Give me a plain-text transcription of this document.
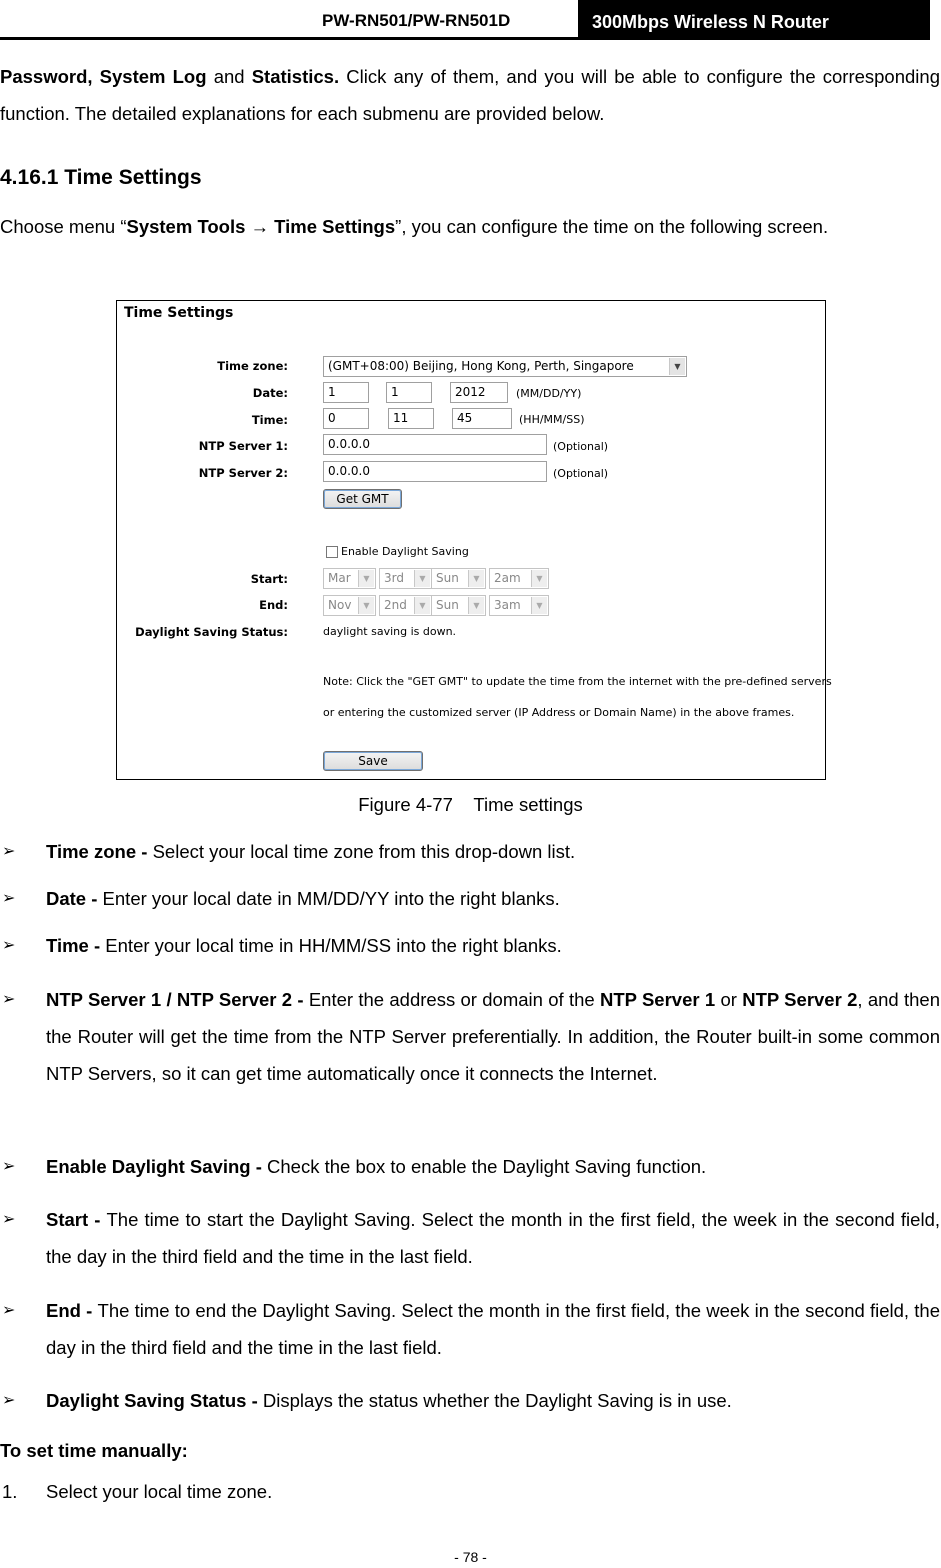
PW-RN501/PW-RN501D	300Mbps Wireless N Router
Password, System Log and Statistics. Click any of them, and you will be able to configure the corresponding function. The detailed explanations for each submenu are provided below.
4.16.1 Time Settings
Choose menu “System Tools → Time Settings”, you can configure the time on the following screen.
Time Settings
Time zone:	(GMT+08:00) Beijing, Hong Kong, Perth, Singapore	▼
Date:	1	1	2012	(MM/DD/YY)
Time:	0	11	45	(HH/MM/SS)
NTP Server 1:	0.0.0.0	(Optional)
NTP Server 2:	0.0.0.0	(Optional)
Get GMT
Enable Daylight Saving
Start:	Mar	▼	3rd	▼ Sun	▼	2am	▼
End:	Nov	▼	2nd	▼ Sun	▼	3am	▼
Daylight Saving Status:	daylight saving is down.
Note: Click the "GET GMT" to update the time from the internet with the pre-defined servers
or entering the customized server (IP Address or Domain Name) in the above frames.
Save
Figure 4-77    Time settings
➢ Time zone - Select your local time zone from this drop-down list.
➢ Date - Enter your local date in MM/DD/YY into the right blanks.
➢ Time - Enter your local time in HH/MM/SS into the right blanks.
➢ NTP Server 1 / NTP Server 2 - Enter the address or domain of the NTP Server 1 or NTP Server 2, and then the Router will get the time from the NTP Server preferentially. In addition, the Router built-in some common NTP Servers, so it can get time automatically once it connects the Internet.
➢ Enable Daylight Saving - Check the box to enable the Daylight Saving function.
➢ Start - The time to start the Daylight Saving. Select the month in the first field, the week in the second field, the day in the third field and the time in the last field.
➢ End - The time to end the Daylight Saving. Select the month in the first field, the week in the second field, the day in the third field and the time in the last field.
➢ Daylight Saving Status - Displays the status whether the Daylight Saving is in use.
To set time manually:
1. Select your local time zone.
- 78 -
